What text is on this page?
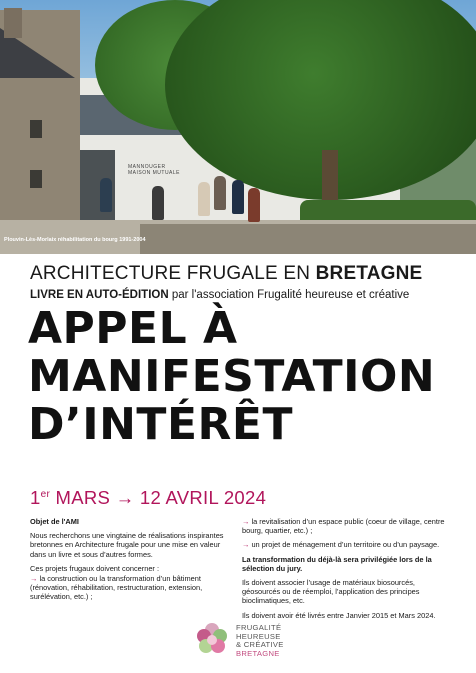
MANNOUGER
MAISON MUTUALE
Plouvin-Lès-Morlaix réhabilitation du bourg 1991-2004
ARCHITECTURE FRUGALE EN BRETAGNE
LIVRE EN AUTO-ÉDITION par l'association Frugalité heureuse et créative
APPEL À
MANIFESTATION
D’INTÉRÊT
1er MARS → 12 AVRIL 2024

Objet de l'AMI

Nous recherchons une vingtaine de réalisations inspirantes bretonnes en Architecture frugale pour une mise en valeur dans un livre et sous d’autres formes.

Ces projets frugaux doivent concerner :

→ la construction ou la transformation d’un bâtiment (rénovation, réhabilitation, restructuration, extension, surélévation, etc.) ;

→ la revitalisation d’un espace public (coeur de village, centre bourg, quartier, etc.) ;

→ un projet de ménagement d’un territoire ou d’un paysage.

La transformation du déjà-là sera privilégiée lors de la sélection du jury.

Ils doivent associer l’usage de matériaux biosourcés, géosourcés ou de réemploi, l’application des principes bioclimatiques, etc.

Ils doivent avoir été livrés entre Janvier 2015 et Mars 2024.

FRUGALITÉ
HEUREUSE
& CRÉATIVE
BRETAGNE
